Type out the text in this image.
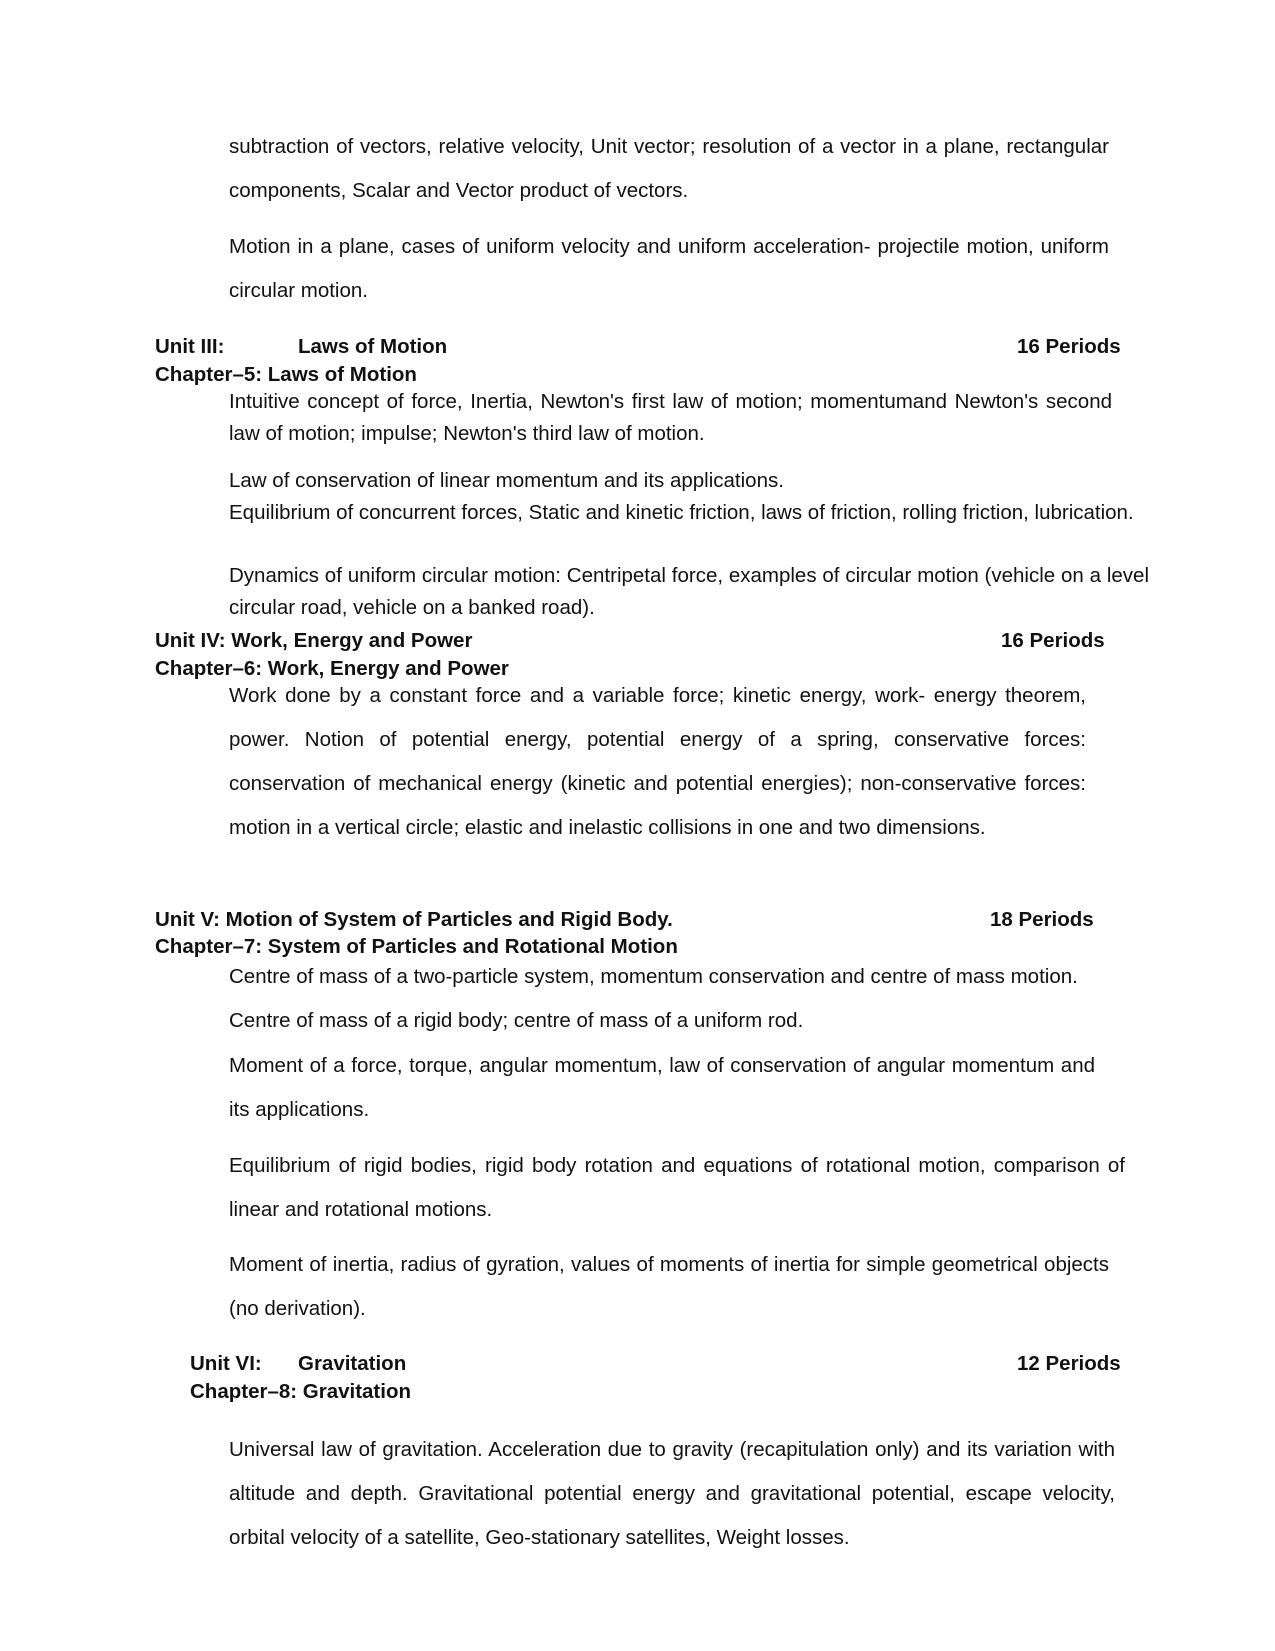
subtraction of vectors, relative velocity, Unit vector; resolution of a vector in a plane, rectangular components, Scalar and Vector product of vectors.

Motion in a plane, cases of uniform velocity and uniform acceleration- projectile motion, uniform circular motion.

Unit III:	Laws of Motion	16 Periods
Chapter–5: Laws of Motion

Intuitive concept of force, Inertia, Newton's first law of motion; momentumand Newton's second law of motion; impulse; Newton's third law of motion.

Law of conservation of linear momentum and its applications.

Equilibrium of concurrent forces, Static and kinetic friction, laws of friction, rolling friction, lubrication.

Dynamics of uniform circular motion: Centripetal force, examples of circular motion (vehicle on a level circular road, vehicle on a banked road).

Unit IV: Work, Energy and Power	16 Periods
Chapter–6: Work, Energy and Power

Work done by a constant force and a variable force; kinetic energy, work- energy theorem, power. Notion of potential energy, potential energy of a spring, conservative forces: conservation of mechanical energy (kinetic and potential energies); non-conservative forces: motion in a vertical circle; elastic and inelastic collisions in one and two dimensions.

Unit V: Motion of System of Particles and Rigid Body.	18 Periods
Chapter–7: System of Particles and Rotational Motion

Centre of mass of a two-particle system, momentum conservation and centre of mass motion.

Centre of mass of a rigid body; centre of mass of a uniform rod.

Moment of a force, torque, angular momentum, law of conservation of angular momentum and its applications.

Equilibrium of rigid bodies, rigid body rotation and equations of rotational motion, comparison of linear and rotational motions.

Moment of inertia, radius of gyration, values of moments of inertia for simple geometrical objects (no derivation).

Unit VI: Gravitation	12 Periods
Chapter–8: Gravitation

Universal law of gravitation. Acceleration due to gravity (recapitulation only) and its variation with altitude and depth. Gravitational potential energy and gravitational potential, escape velocity, orbital velocity of a satellite, Geo-stationary satellites, Weight losses.
